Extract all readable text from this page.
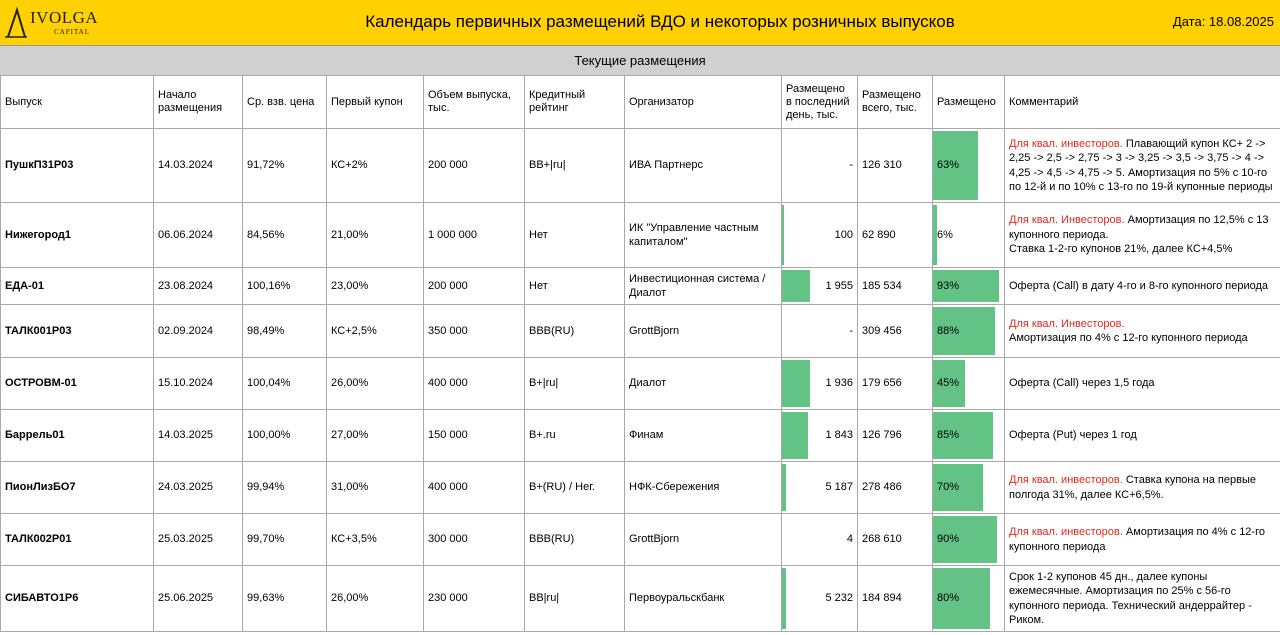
IVOLGA
CAPITAL
Календарь первичных размещений ВДО и некоторых розничных выпусков	Дата: 18.08.2025
Текущие размещения
Выпуск	Начало размещения	Ср. взв. цена	Первый купон	Объем выпуска, тыс.	Кредитный рейтинг	Организатор	Размещено в последний день, тыс.	Размещено всего, тыс.	Размещено	Комментарий
ПушкП31Р03	14.03.2024	91,72%	КС+2%	200 000	BB+|ru|	ИВА Партнерс	-	126 310	63%	Для квал. инвесторов. Плавающий купон КС+ 2 -> 2,25 -> 2,5 -> 2,75 -> 3 -> 3,25 -> 3,5 -> 3,75 -> 4 -> 4,25 -> 4,5 -> 4,75 -> 5. Амортизация по 5% с 10-го по 12-й и по 10% с 13-го по 19-й купонные периоды
Нижегород1	06.06.2024	84,56%	21,00%	1 000 000	Нет	ИК "Управление частным капиталом"	100	62 890	6%	Для квал. Инвесторов. Амортизация по 12,5% с 13 купонного периода.
Ставка 1-2-го купонов 21%, далее КС+4,5%
ЕДА-01	23.08.2024	100,16%	23,00%	200 000	Нет	Инвестиционная система / Диалот	1 955	185 534	93%	Оферта (Call) в дату 4-го и 8-го купонного периода
ТАЛК001Р03	02.09.2024	98,49%	КС+2,5%	350 000	BBB(RU)	GrottBjorn	-	309 456	88%	Для квал. Инвесторов.
Амортизация по 4% с 12-го купонного периода
ОСТРОВМ-01	15.10.2024	100,04%	26,00%	400 000	B+|ru|	Диалот	1 936	179 656	45%	Оферта (Call) через 1,5 года
Баррель01	14.03.2025	100,00%	27,00%	150 000	B+.ru	Финам	1 843	126 796	85%	Оферта (Put) через 1 год
ПионЛизБО7	24.03.2025	99,94%	31,00%	400 000	B+(RU) / Нег.	НФК-Сбережения	5 187	278 486	70%	Для квал. инвесторов. Ставка купона на первые полгода 31%, далее КС+6,5%.
ТАЛК002Р01	25.03.2025	99,70%	КС+3,5%	300 000	BBB(RU)	GrottBjorn	4	268 610	90%	Для квал. инвесторов. Амортизация по 4% с 12-го купонного периода
СИБАВТО1Р6	25.06.2025	99,63%	26,00%	230 000	BB|ru|	Первоуральскбанк	5 232	184 894	80%	Срок 1-2 купонов 45 дн., далее купоны ежемесячные. Амортизация по 25% с 56-го купонного периода. Технический андеррайтер - Риком.
